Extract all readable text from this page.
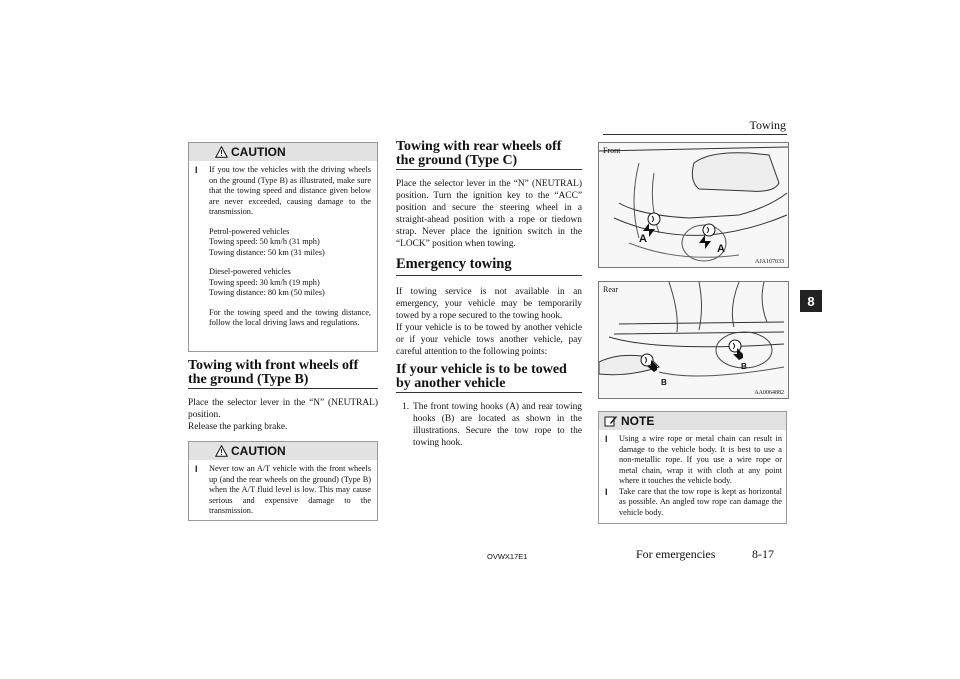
Towing
8
CAUTION
l	If you tow the vehicles with the driving wheels on the ground (Type B) as illustrated, make sure that the towing speed and distance given below are never exceeded, causing damage to the transmission.
Petrol-powered vehicles
Towing speed: 50 km/h (31 mph)
Towing distance: 50 km (31 miles)
Diesel-powered vehicles
Towing speed: 30 km/h (19 mph)
Towing distance: 80 km (50 miles)
For the towing speed and the towing distance, follow the local driving laws and regulations.
Towing with front wheels off the ground (Type B)
Place the selector lever in the “N” (NEUTRAL) position.
Release the parking brake.
CAUTION
l	Never tow an A/T vehicle with the front wheels up (and the rear wheels on the ground) (Type B) when the A/T fluid level is low. This may cause serious and expensive damage to the transmission.
Towing with rear wheels off the ground (Type C)
Place the selector lever in the “N” (NEUTRAL) position. Turn the ignition key to the “ACC” position and secure the steering wheel in a straight-ahead position with a rope or tiedown strap. Never place the ignition switch in the “LOCK” position when towing.
Emergency towing
If towing service is not available in an emergency, your vehicle may be temporarily towed by a rope secured to the towing hook.
If your vehicle is to be towed by another vehicle or if your vehicle tows another vehicle, pay careful attention to the following points:
If your vehicle is to be towed by another vehicle
1. The front towing hooks (A) and rear towing hooks (B) are located as shown in the illustrations. Secure the tow rope to the towing hook.
Front
A
A
AJA107033
Rear
B
B
AA0064882
NOTE
l	Using a wire rope or metal chain can result in damage to the vehicle body. It is best to use a non-metallic rope. If you use a wire rope or metal chain, wrap it with cloth at any point where it touches the vehicle body.
l	Take care that the tow rope is kept as horizontal as possible. An angled tow rope can damage the vehicle body.
OVWX17E1	For emergencies	8-17
